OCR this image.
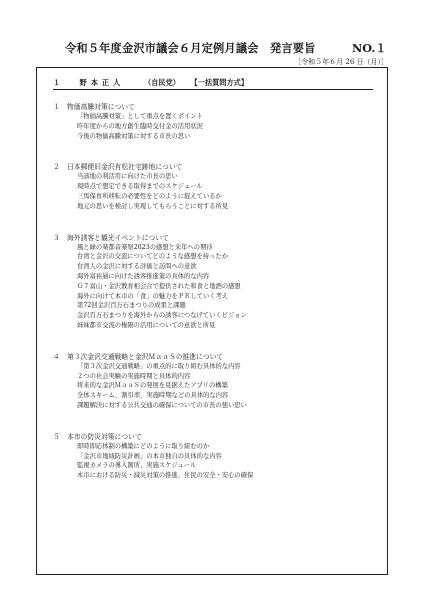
令和５年度金沢市議会６月定例月議会　発言要旨	NO.１
［令和５年６月 26 日（月）］
１	野本正人	（自民党） 【一括質問方式】
１ 物価高騰対策について
「物価高騰対策」として重点を置くポイント
昨年度からの地方創生臨時交付金の活用状況
今後の物価高騰対策に対する市長の思い
２ 日本郵便旧金沢有松社宅跡地について
当該地の利活用に向けた市長の思い
現時点で想定できる取得までのスケジュール
三馬保育所移転の必要性をどのように捉えているか
地元の思いを検討し実現してもらうことに対する所見
３ 海外誘客と観光イベントについて
風と緑の楽都音楽祭2023の感想と来年への期待
台湾と金沢の交流についてどのような感想を持ったか
台湾人の金沢に対する評価と訪問への意欲
海外富裕層に向けた誘客推進策の具体的な内容
Ｇ７富山・金沢教育相会合で提供された和食と地酒の感想
海外に向けて本市の「食」の魅力をＰＲしていく考え
第72回金沢百万石まつりの成果と課題
金沢百万石まつりを海外からの誘客につなげていくビジョン
姉妹都市交流の権限の活用についての意欲と所見
４ 第３次金沢交通戦略と金沢ＭａａＳの推進について
「第３次金沢交通戦略」の重点的に取り組む具体的な内容
２つの社会実験の実施時期と具体的内容
将来的な金沢ＭａａＳの発展を見据えたアプリの構築
全体スキーム、割引率、実施時期などの具体的な内容
課題解決に対する公共交通の確保についての市長の強い思い
５ 本市の防災対策について
即時即応体制の構築にどのように取り組むのか
「金沢市地域防災計画」の本市独自の具体的な内容
監視カメラの導入箇所、実施スケジュール
本市における防災・減災対策の推進、住民の安全・安心の確保
